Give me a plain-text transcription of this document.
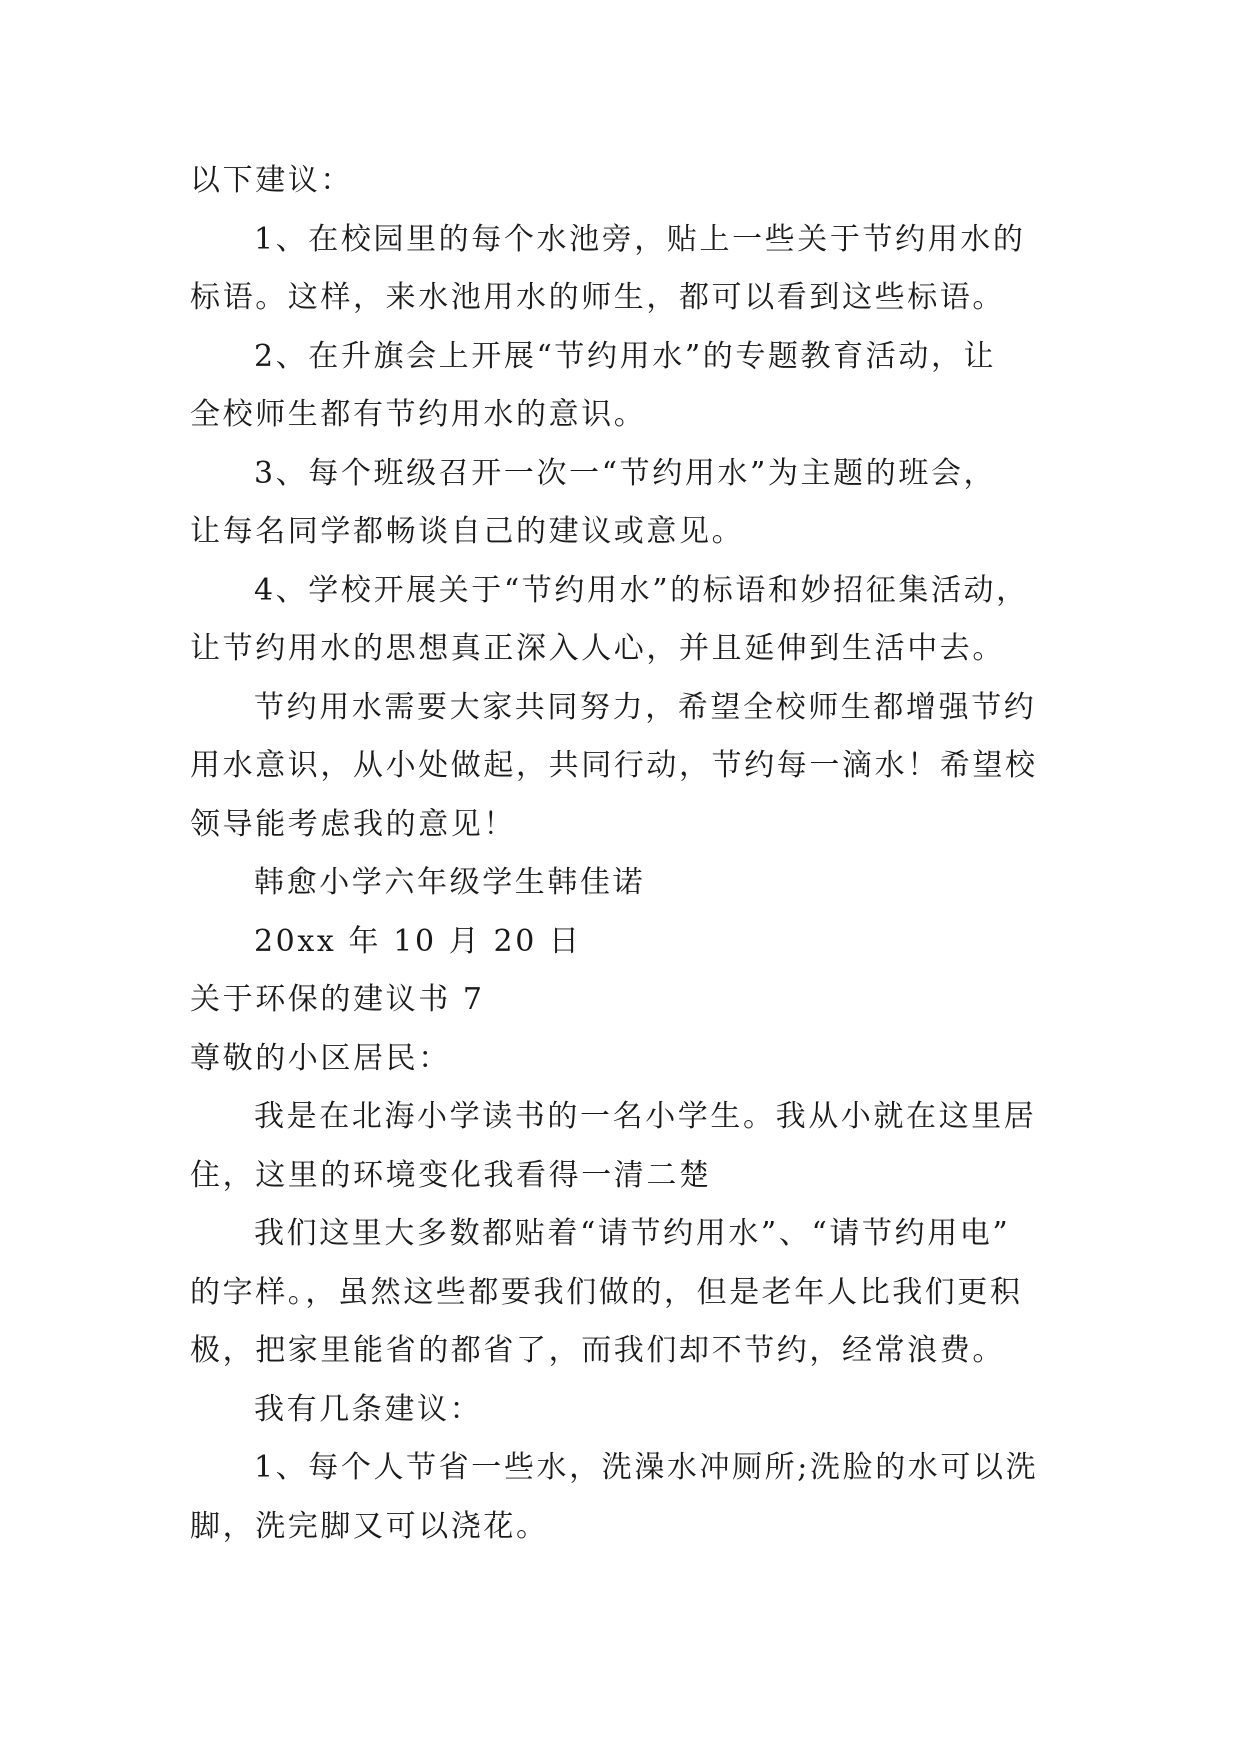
以下建议：
1、在校园里的每个水池旁，贴上一些关于节约用水的
标语。这样，来水池用水的师生，都可以看到这些标语。
2、在升旗会上开展“节约用水”的专题教育活动，让
全校师生都有节约用水的意识。
3、每个班级召开一次一“节约用水”为主题的班会，
让每名同学都畅谈自己的建议或意见。
4、学校开展关于“节约用水”的标语和妙招征集活动，
让节约用水的思想真正深入人心，并且延伸到生活中去。
节约用水需要大家共同努力，希望全校师生都增强节约
用水意识，从小处做起，共同行动，节约每一滴水！希望校
领导能考虑我的意见！
韩愈小学六年级学生韩佳诺
20xx 年 10 月 20 日
关于环保的建议书 7
尊敬的小区居民：
我是在北海小学读书的一名小学生。我从小就在这里居
住，这里的环境变化我看得一清二楚
我们这里大多数都贴着“请节约用水”、“请节约用电”
的字样。，虽然这些都要我们做的，但是老年人比我们更积
极，把家里能省的都省了，而我们却不节约，经常浪费。
我有几条建议：
1、每个人节省一些水，洗澡水冲厕所;洗脸的水可以洗
脚，洗完脚又可以浇花。
